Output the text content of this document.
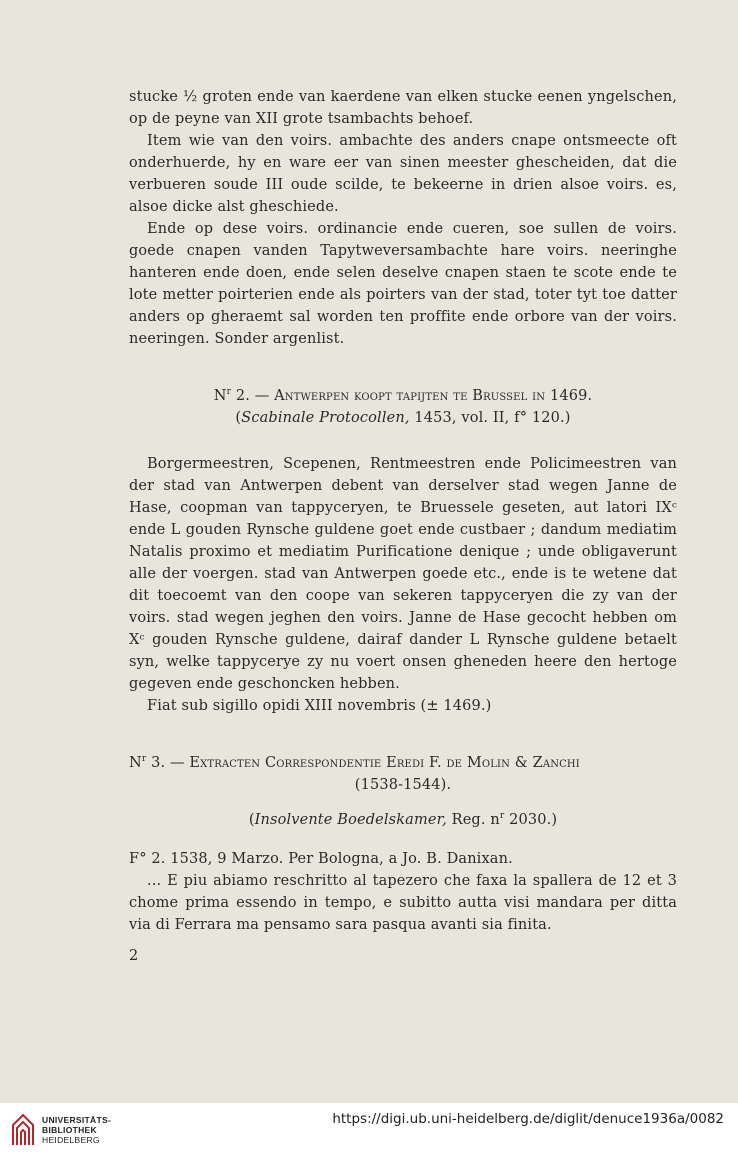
stucke ½ groten ende van kaerdene van elken stucke eenen yngelschen, op de peyne van XII grote tsambachts behoef.

Item wie van den voirs. ambachte des anders cnape ontsmeecte oft onderhuerde, hy en ware eer van sinen meester ghescheiden, dat die verbueren soude III oude scilde, te bekeerne in drien alsoe voirs. es, alsoe dicke alst gheschiede.

Ende op dese voirs. ordinancie ende cueren, soe sullen de voirs. goede cnapen vanden Tapytweversambachte hare voirs. neeringhe hanteren ende doen, ende selen deselve cnapen staen te scote ende te lote metter poirterien ende als poirters van der stad, toter tyt toe datter anders op gheraemt sal worden ten proffite ende orbore van der voirs. neeringen. Sonder argenlist.

$N^r$ 2. — Antwerpen koopt tapijten te Brussel in 1469.

(Scabinale Protocollen, 1453, vol. II, f° 120.)

Borgermeestren, Scepenen, Rentmeestren ende Policimeestren van der stad van Antwerpen debent van derselver stad wegen Janne de Hase, coopman van tappyceryen, te Bruessele geseten, aut latori IXᶜ ende L gouden Rynsche guldene goet ende custbaer ; dandum mediatim Natalis proximo et mediatim Purificatione denique ; unde obligaverunt alle der voergen. stad van Antwerpen goede etc., ende is te wetene dat dit toecoemt van den coope van sekeren tappyceryen die zy van der voirs. stad wegen jeghen den voirs. Janne de Hase gecocht hebben om Xᶜ gouden Rynsche guldene, dairaf dander L Rynsche guldene betaelt syn, welke tappycerye zy nu voert onsen gheneden heere den hertoge gegeven ende geschoncken hebben.

Fiat sub sigillo opidi XIII novembris (± 1469.)

$N^r$ 3. — Extracten Correspondentie Eredi F. de Molin & Zanchi

(1538-1544).

(Insolvente Boedelskamer, Reg. $n^r$ 2030.)

F° 2. 1538, 9 Marzo. Per Bologna, a Jo. B. Danixan.

... E piu abiamo reschritto al tapezero che faxa la spallera de 12 et 3 chome prima essendo in tempo, e subitto autta visi mandara per ditta via di Ferrara ma pensamo sara pasqua avanti sia finita.

2
UNIVERSITÄTS-
BIBLIOTHEK
HEIDELBERG
https://digi.ub.uni-heidelberg.de/diglit/denuce1936a/0082
